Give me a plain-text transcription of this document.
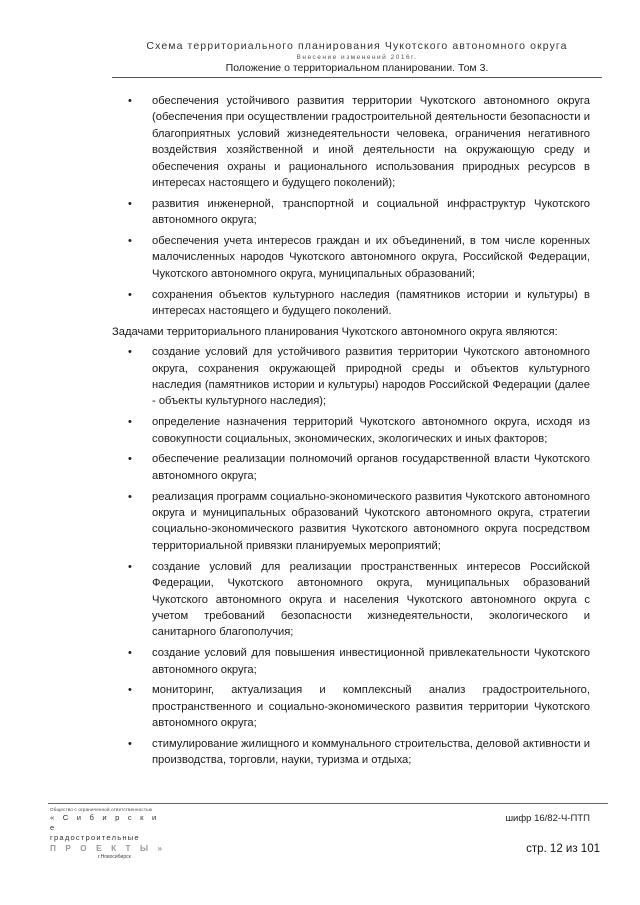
Схема территориального планирования Чукотского автономного округа
Внесение изменений 2016г.
Положение о территориальном планировании. Том 3.
• обеспечения устойчивого развития территории Чукотского автономного округа (обеспечения при осуществлении градостроительной деятельности безопасности и благоприятных условий жизнедеятельности человека, ограничения негативного воздействия хозяйственной и иной деятельности на окружающую среду и обеспечения охраны и рационального использования природных ресурсов в интересах настоящего и будущего поколений);
• развития инженерной, транспортной и социальной инфраструктур Чукотского автономного округа;
• обеспечения учета интересов граждан и их объединений, в том числе коренных малочисленных народов Чукотского автономного округа, Российской Федерации, Чукотского автономного округа, муниципальных образований;
• сохранения объектов культурного наследия (памятников истории и культуры) в интересах настоящего и будущего поколений.

Задачами территориального планирования Чукотского автономного округа являются:

• создание условий для устойчивого развития территории Чукотского автономного округа, сохранения окружающей природной среды и объектов культурного наследия (памятников истории и культуры) народов Российской Федерации (далее - объекты культурного наследия);
• определение назначения территорий Чукотского автономного округа, исходя из совокупности социальных, экономических, экологических и иных факторов;
• обеспечение реализации полномочий органов государственной власти Чукотского автономного округа;
• реализация программ социально-экономического развития Чукотского автономного округа и муниципальных образований Чукотского автономного округа, стратегии социально-экономического развития Чукотского автономного округа посредством территориальной привязки планируемых мероприятий;
• создание условий для реализации пространственных интересов Российской Федерации, Чукотского автономного округа, муниципальных образований Чукотского автономного округа и населения Чукотского автономного округа с учетом требований безопасности жизнедеятельности, экологического и санитарного благополучия;
• создание условий для повышения инвестиционной привлекательности Чукотского автономного округа;
• мониторинг, актуализация и комплексный анализ градостроительного, пространственного и социально-экономического развития территории Чукотского автономного округа;
• стимулирование жилищного и коммунального строительства, деловой активности и производства, торговли, науки, туризма и отдыха;
Общество с ограниченной ответственностью
« С и б и р с к и е
градостроительные
П Р О Е К Т Ы »
г.Новосибирск
шифр 16/82-Ч-ПТП
стр. 12 из 101
